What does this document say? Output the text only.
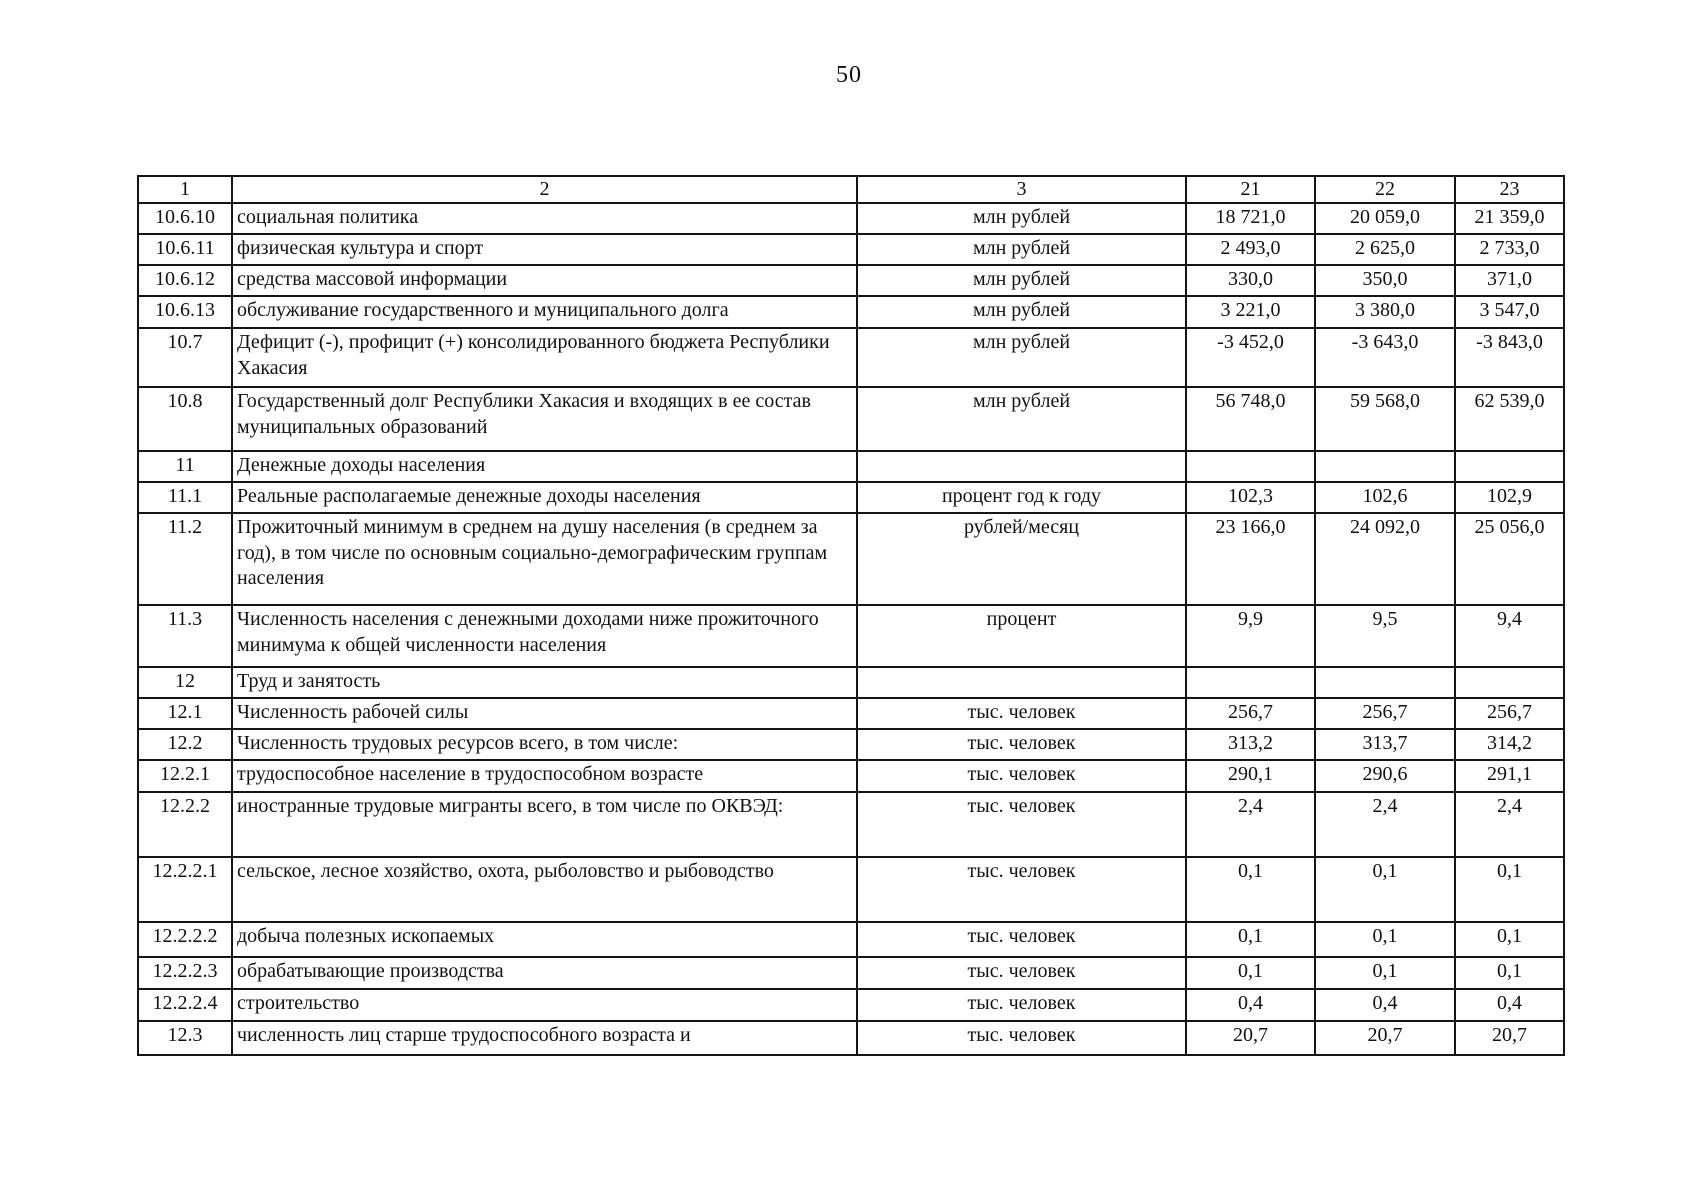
50
1	2	3	21	22	23
10.6.10	социальная политика	млн рублей	18 721,0	20 059,0	21 359,0
10.6.11	физическая культура и спорт	млн рублей	2 493,0	2 625,0	2 733,0
10.6.12	средства массовой информации	млн рублей	330,0	350,0	371,0
10.6.13	обслуживание государственного и муниципального долга	млн рублей	3 221,0	3 380,0	3 547,0
10.7	Дефицит (-), профицит (+) консолидированного бюджета Республики Хакасия	млн рублей	-3 452,0	-3 643,0	-3 843,0
10.8	Государственный долг Республики Хакасия и входящих в ее состав муниципальных образований	млн рублей	56 748,0	59 568,0	62 539,0
11	Денежные доходы населения				
11.1	Реальные располагаемые денежные доходы населения	процент год к году	102,3	102,6	102,9
11.2	Прожиточный минимум в среднем на душу населения (в среднем за год), в том числе по основным социально-демографическим группам населения	рублей/месяц	23 166,0	24 092,0	25 056,0
11.3	Численность населения с денежными доходами ниже прожиточного минимума к общей численности населения	процент	9,9	9,5	9,4
12	Труд и занятость				
12.1	Численность рабочей силы	тыс. человек	256,7	256,7	256,7
12.2	Численность трудовых ресурсов всего, в том числе:	тыс. человек	313,2	313,7	314,2
12.2.1	трудоспособное население в трудоспособном возрасте	тыс. человек	290,1	290,6	291,1
12.2.2	иностранные трудовые мигранты всего, в том числе по ОКВЭД:	тыс. человек	2,4	2,4	2,4
12.2.2.1	сельское, лесное хозяйство, охота, рыболовство и рыбоводство	тыс. человек	0,1	0,1	0,1
12.2.2.2	добыча полезных ископаемых	тыс. человек	0,1	0,1	0,1
12.2.2.3	обрабатывающие производства	тыс. человек	0,1	0,1	0,1
12.2.2.4	строительство	тыс. человек	0,4	0,4	0,4
12.3	численность лиц старше трудоспособного возраста и	тыс. человек	20,7	20,7	20,7
